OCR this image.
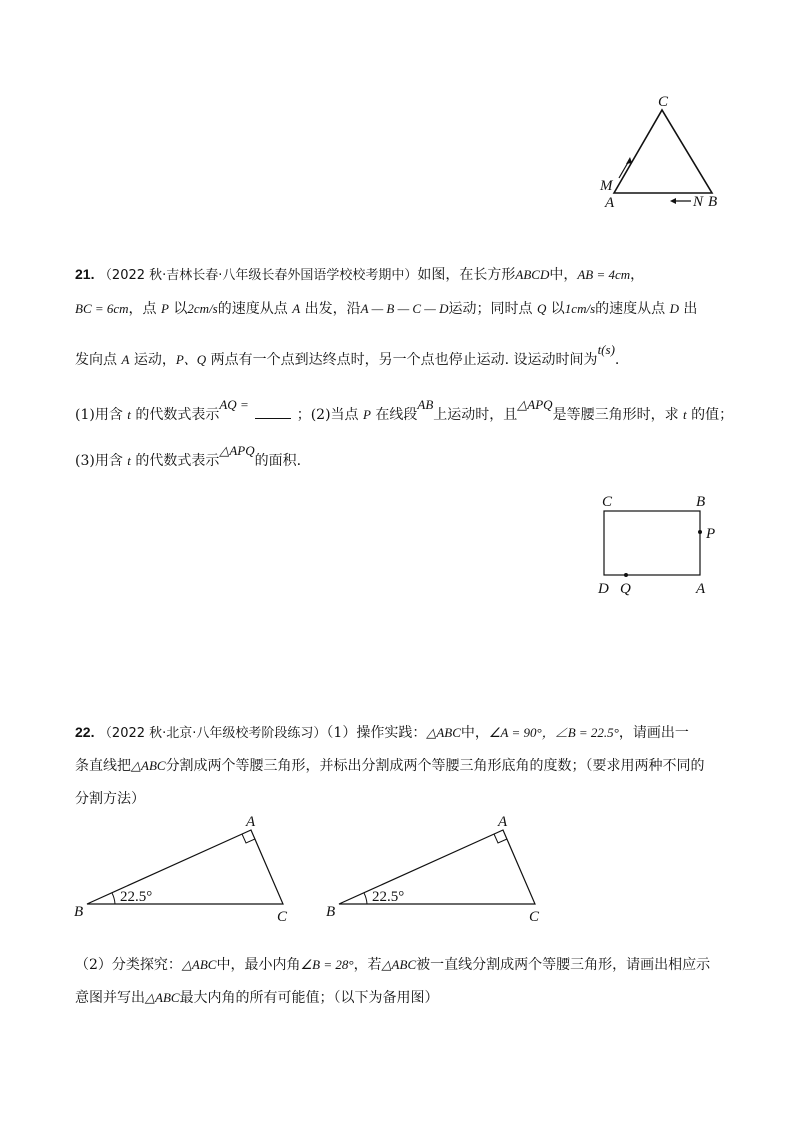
C
M
A	N B
21. （2022 秋·吉林长春·八年级长春外国语学校校考期中）如图，在长方形ABCD中，AB = 4cm，
BC = 6cm，点 P 以2cm/s的速度从点 A 出发，沿A — B — C — D运动；同时点 Q 以1cm/s的速度从点 D 出
发向点 A 运动，P、Q 两点有一个点到达终点时，另一个点也停止运动. 设运动时间为t(s).
(1)用含 t 的代数式表示AQ =；(2)当点 P 在线段AB上运动时，且△APQ是等腰三角形时，求 t 的值；
(3)用含 t 的代数式表示△APQ的面积.
C	B
P
D Q	A
22. （2022 秋·北京·八年级校考阶段练习）（1）操作实践：△ABC中，∠A = 90°，∠B = 22.5°，请画出一
条直线把△ABC分割成两个等腰三角形，并标出分割成两个等腰三角形底角的度数；（要求用两种不同的
分割方法）
A
B	C
22.5°
A
B	C
22.5°
（2）分类探究：△ABC中，最小内角∠B = 28°，若△ABC被一直线分割成两个等腰三角形，请画出相应示
意图并写出△ABC最大内角的所有可能值；（以下为备用图）
